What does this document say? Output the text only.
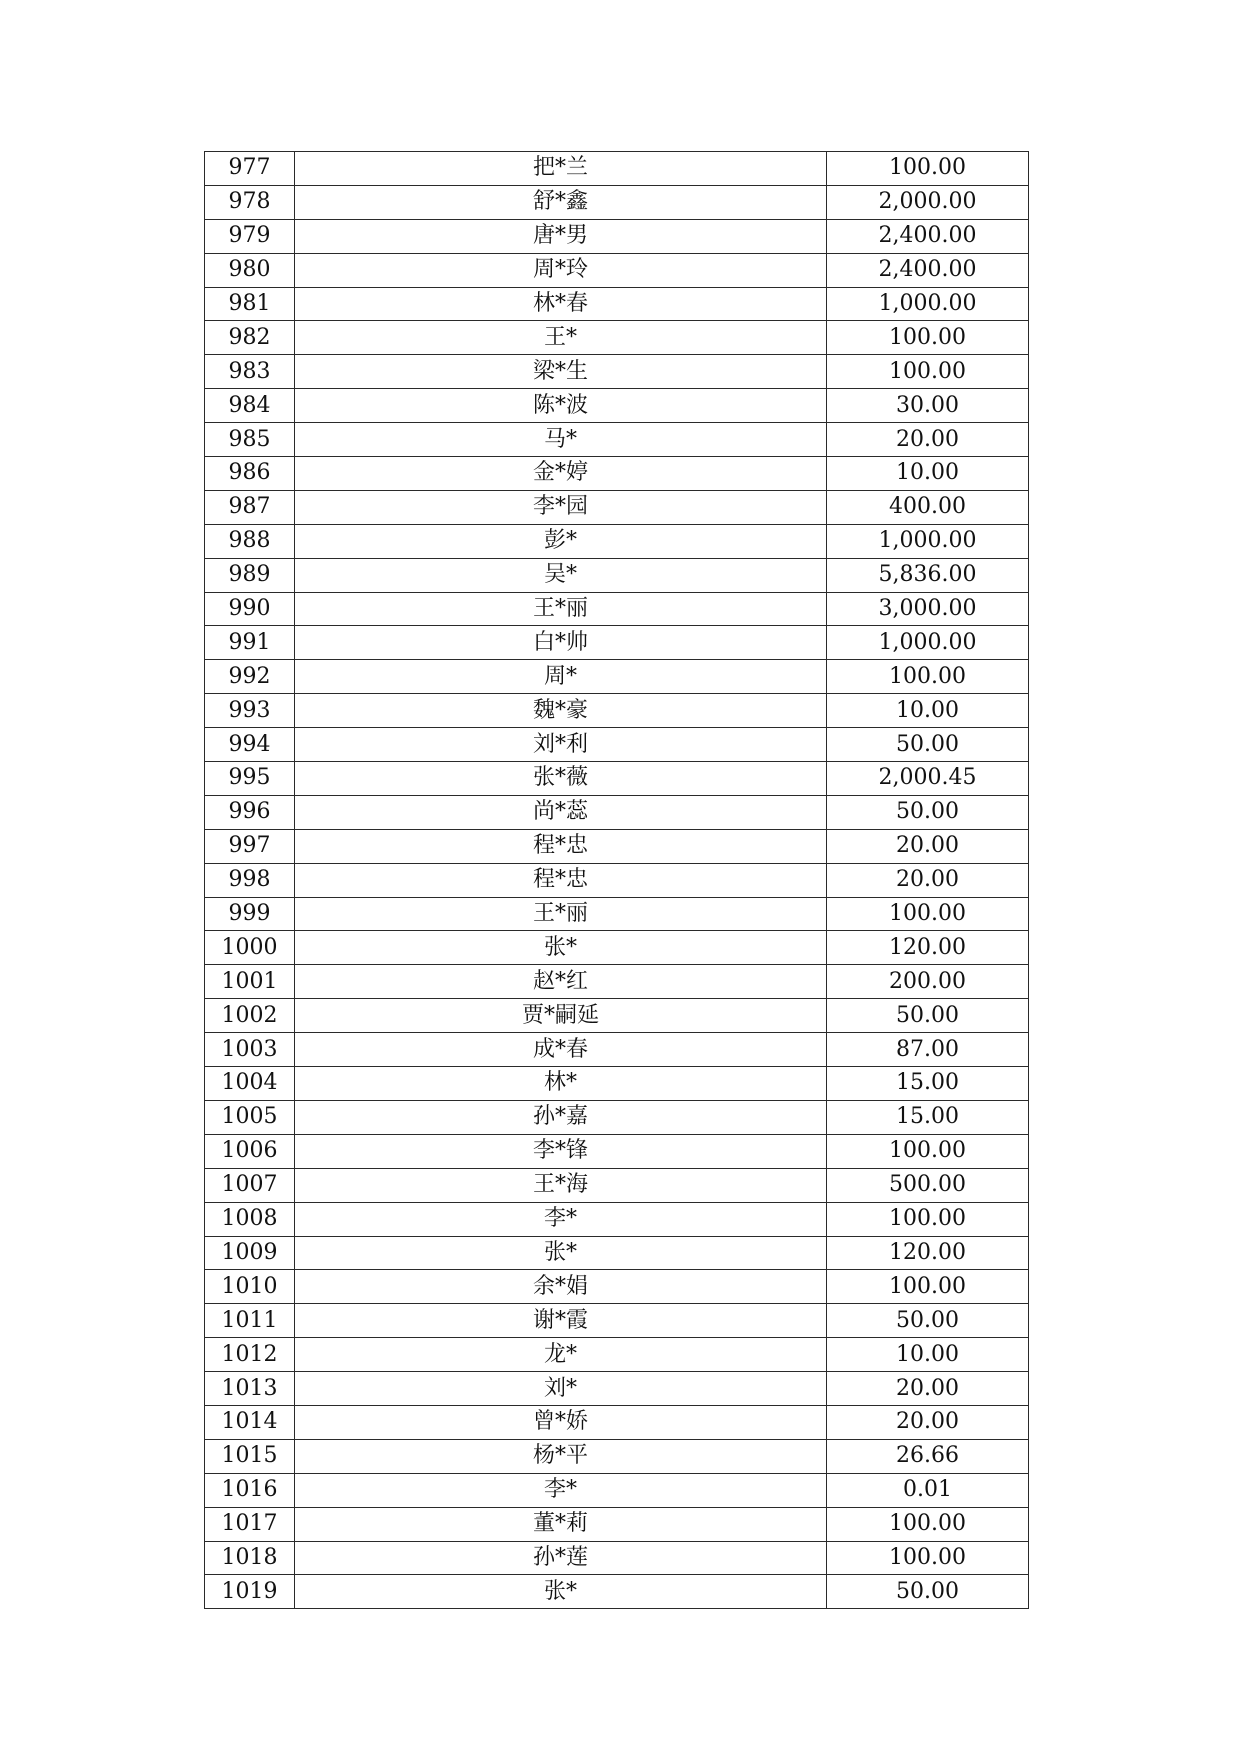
977	把*兰	100.00
978	舒*鑫	2,000.00
979	唐*男	2,400.00
980	周*玲	2,400.00
981	林*春	1,000.00
982	王*	100.00
983	梁*生	100.00
984	陈*波	30.00
985	马*	20.00
986	金*婷	10.00
987	李*园	400.00
988	彭*	1,000.00
989	吴*	5,836.00
990	王*丽	3,000.00
991	白*帅	1,000.00
992	周*	100.00
993	魏*豪	10.00
994	刘*利	50.00
995	张*薇	2,000.45
996	尚*蕊	50.00
997	程*忠	20.00
998	程*忠	20.00
999	王*丽	100.00
1000	张*	120.00
1001	赵*红	200.00
1002	贾*嗣延	50.00
1003	成*春	87.00
1004	林*	15.00
1005	孙*嘉	15.00
1006	李*锋	100.00
1007	王*海	500.00
1008	李*	100.00
1009	张*	120.00
1010	余*娟	100.00
1011	谢*霞	50.00
1012	龙*	10.00
1013	刘*	20.00
1014	曾*娇	20.00
1015	杨*平	26.66
1016	李*	0.01
1017	董*莉	100.00
1018	孙*莲	100.00
1019	张*	50.00
